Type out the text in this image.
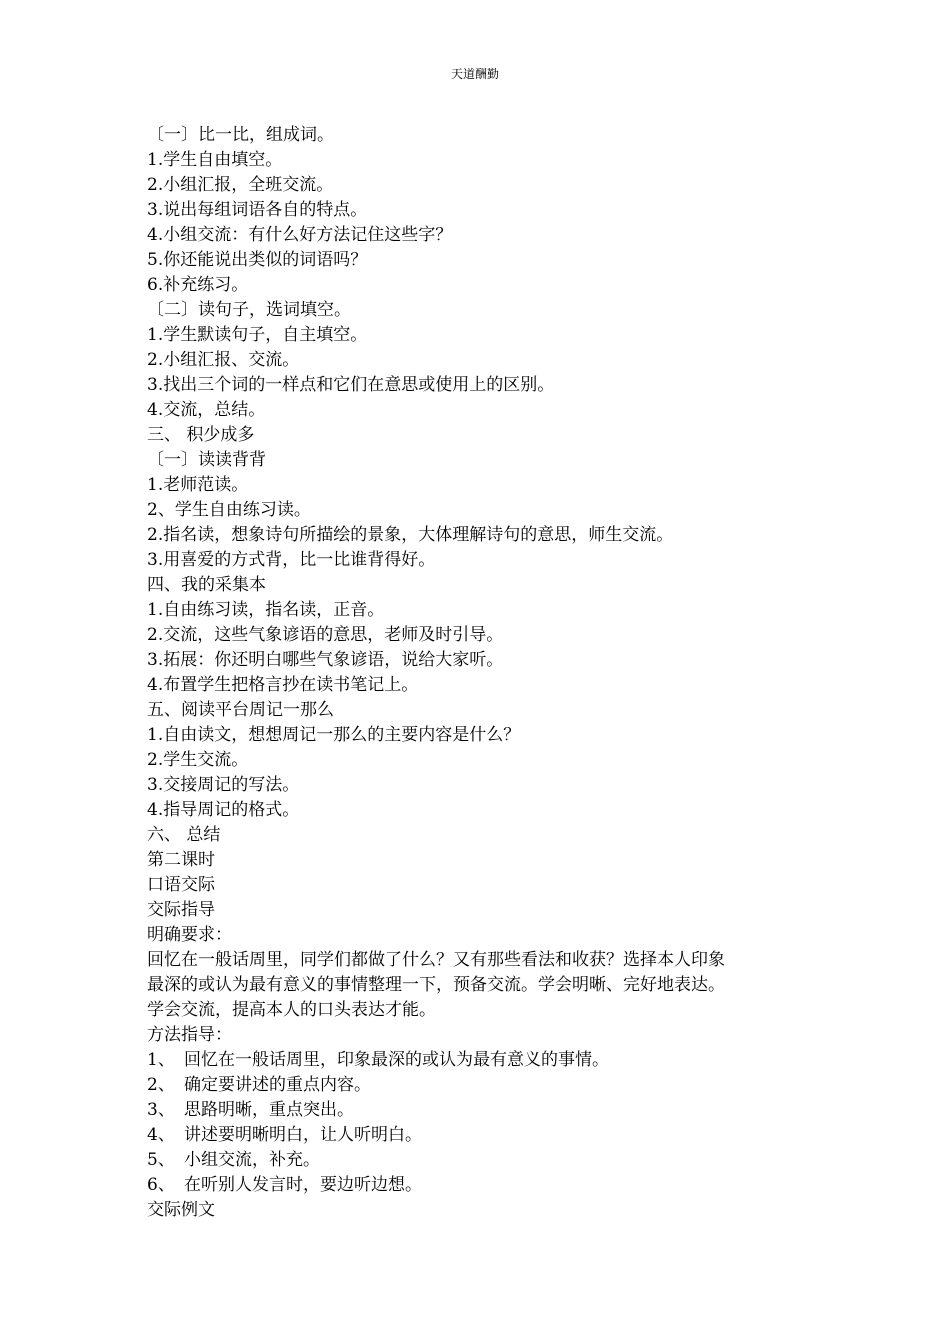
天道酬勤
〔一〕比一比，组成词。
1.学生自由填空。
2.小组汇报，全班交流。
3.说出每组词语各自的特点。
4.小组交流：有什么好方法记住这些字？
5.你还能说出类似的词语吗？
6.补充练习。
〔二〕读句子，选词填空。
1.学生默读句子，自主填空。
2.小组汇报、交流。
3.找出三个词的一样点和它们在意思或使用上的区别。
4.交流，总结。
三、 积少成多
〔一〕读读背背
1.老师范读。
2、学生自由练习读。
2.指名读，想象诗句所描绘的景象，大体理解诗句的意思，师生交流。
3.用喜爱的方式背，比一比谁背得好。
四、我的采集本
1.自由练习读，指名读，正音。
2.交流，这些气象谚语的意思，老师及时引导。
3.拓展：你还明白哪些气象谚语，说给大家听。
4.布置学生把格言抄在读书笔记上。
五、阅读平台周记一那么
1.自由读文，想想周记一那么的主要内容是什么？
2.学生交流。
3.交接周记的写法。
4.指导周记的格式。
六、 总结
第二课时
口语交际
交际指导
明确要求：
回忆在一般话周里，同学们都做了什么？又有那些看法和收获？选择本人印象
最深的或认为最有意义的事情整理一下，预备交流。学会明晰、完好地表达。
学会交流，提高本人的口头表达才能。
方法指导：
1、 回忆在一般话周里，印象最深的或认为最有意义的事情。
2、 确定要讲述的重点内容。
3、 思路明晰，重点突出。
4、 讲述要明晰明白，让人听明白。
5、 小组交流，补充。
6、 在听别人发言时，要边听边想。
交际例文
